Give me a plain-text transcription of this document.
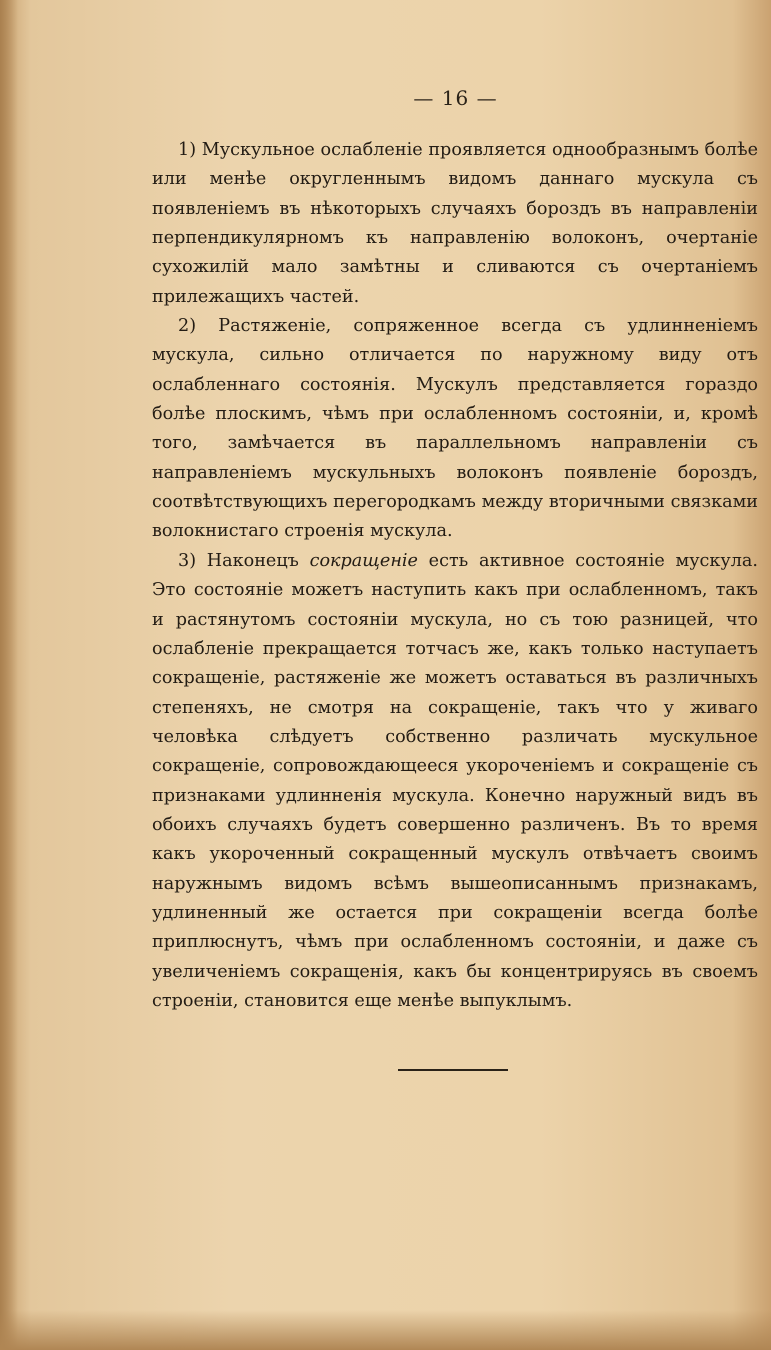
— 16 —

1) Мускульное ослабленіе проявляется однообразнымъ болѣе или менѣе округленнымъ видомъ даннаго мускула съ появленіемъ въ нѣкоторыхъ случаяхъ бороздъ въ направленіи перпендикулярномъ къ направленію волоконъ, очертаніе сухожилій мало замѣтны и сливаются съ очертаніемъ прилежащихъ частей.

2) Растяженіе, сопряженное всегда съ удлинненіемъ мускула, сильно отличается по наружному виду отъ ослабленнаго состоянія. Мускулъ представляется гораздо болѣе плоскимъ, чѣмъ при ослабленномъ состояніи, и, кромѣ того, замѣчается въ параллельномъ направленіи съ направленіемъ мускульныхъ волоконъ появленіе бороздъ, соотвѣтствующихъ перегородкамъ между вторичными связками волокнистаго строенія мускула.

3) Наконецъ сокращеніе есть активное состояніе мускула. Это состояніе можетъ наступить какъ при ослабленномъ, такъ и растянутомъ состояніи мускула, но съ тою разницей, что ослабленіе прекращается тотчасъ же, какъ только наступаетъ сокращеніе, растяженіе же можетъ оставаться въ различныхъ степеняхъ, не смотря на сокращеніе, такъ что у живаго человѣка слѣдуетъ собственно различать мускульное сокращеніе, сопровождающееся укороченіемъ и сокращеніе съ признаками удлинненія мускула. Конечно наружный видъ въ обоихъ случаяхъ будетъ совершенно различенъ. Въ то время какъ укороченный сокращенный мускулъ отвѣчаетъ своимъ наружнымъ видомъ всѣмъ вышеописаннымъ признакамъ, удлиненный же остается при сокращеніи всегда болѣе приплюснутъ, чѣмъ при ослабленномъ состояніи, и даже съ увеличеніемъ сокращенія, какъ бы концентрируясь въ своемъ строеніи, становится еще менѣе выпуклымъ.
